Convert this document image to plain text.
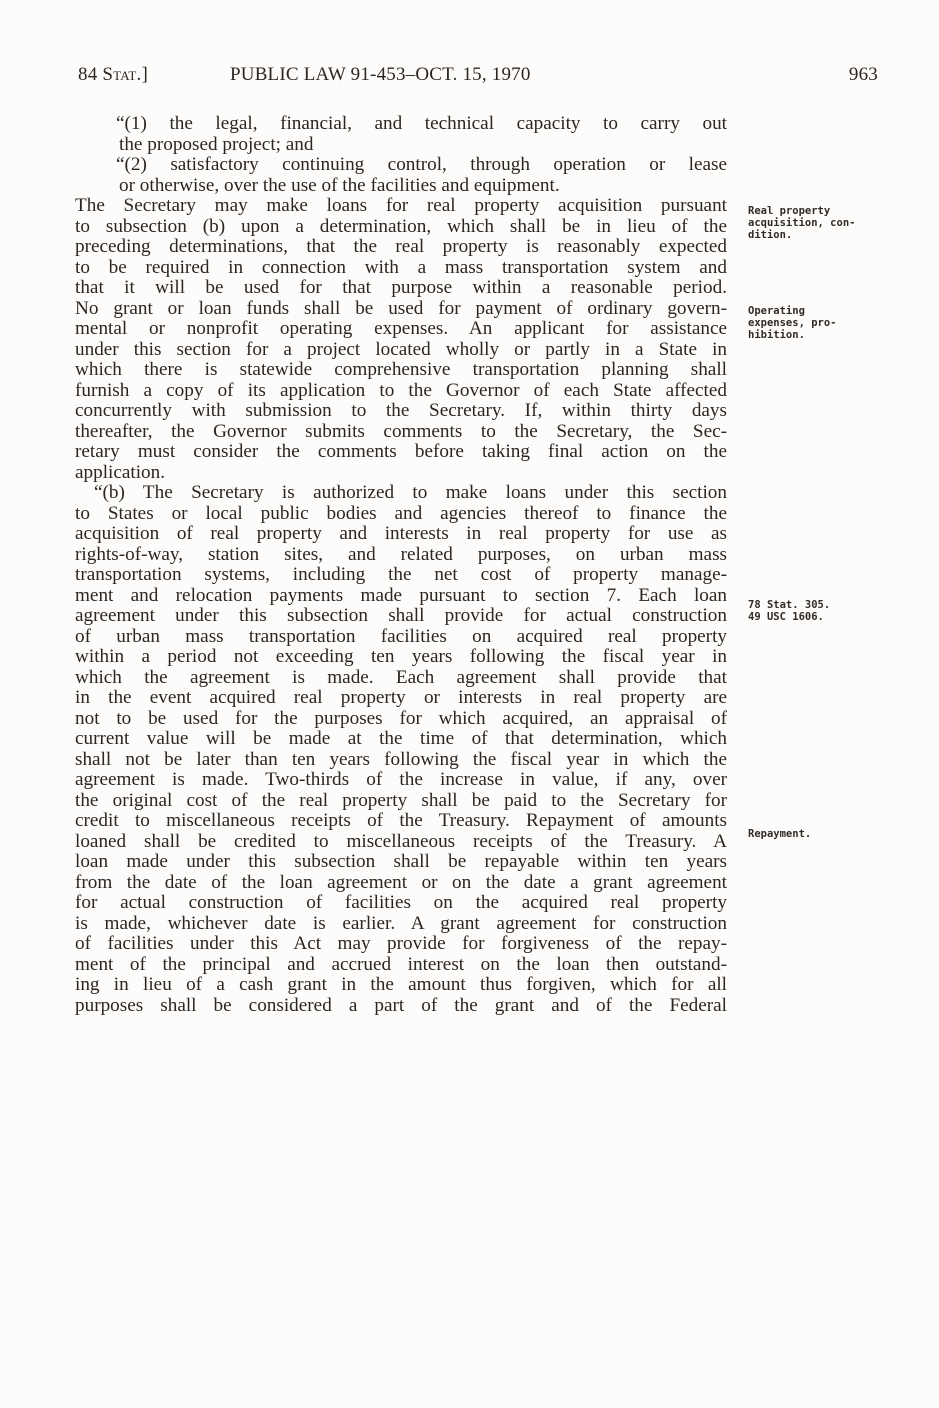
84 Stat.]	PUBLIC LAW 91-453–OCT. 15, 1970	963
“(1) the legal, financial, and technical capacity to carry out
the proposed project; and
“(2) satisfactory continuing control, through operation or lease
or otherwise, over the use of the facilities and equipment.
The Secretary may make loans for real property acquisition pursuant
to subsection (b) upon a determination, which shall be in lieu of the
preceding determinations, that the real property is reasonably expected
to be required in connection with a mass transportation system and
that it will be used for that purpose within a reasonable period.
No grant or loan funds shall be used for payment of ordinary govern-
mental or nonprofit operating expenses. An applicant for assistance
under this section for a project located wholly or partly in a State in
which there is statewide comprehensive transportation planning shall
furnish a copy of its application to the Governor of each State affected
concurrently with submission to the Secretary. If, within thirty days
thereafter, the Governor submits comments to the Secretary, the Sec-
retary must consider the comments before taking final action on the
application.
“(b) The Secretary is authorized to make loans under this section
to States or local public bodies and agencies thereof to finance the
acquisition of real property and interests in real property for use as
rights-of-way, station sites, and related purposes, on urban mass
transportation systems, including the net cost of property manage-
ment and relocation payments made pursuant to section 7. Each loan
agreement under this subsection shall provide for actual construction
of urban mass transportation facilities on acquired real property
within a period not exceeding ten years following the fiscal year in
which the agreement is made. Each agreement shall provide that
in the event acquired real property or interests in real property are
not to be used for the purposes for which acquired, an appraisal of
current value will be made at the time of that determination, which
shall not be later than ten years following the fiscal year in which the
agreement is made. Two-thirds of the increase in value, if any, over
the original cost of the real property shall be paid to the Secretary for
credit to miscellaneous receipts of the Treasury. Repayment of amounts
loaned shall be credited to miscellaneous receipts of the Treasury. A
loan made under this subsection shall be repayable within ten years
from the date of the loan agreement or on the date a grant agreement
for actual construction of facilities on the acquired real property
is made, whichever date is earlier. A grant agreement for construction
of facilities under this Act may provide for forgiveness of the repay-
ment of the principal and accrued interest on the loan then outstand-
ing in lieu of a cash grant in the amount thus forgiven, which for all
purposes shall be considered a part of the grant and of the Federal
Real property
acquisition, con-
dition.
Operating
expenses, pro-
hibition.
78 Stat. 305.
49 USC 1606.
Repayment.
